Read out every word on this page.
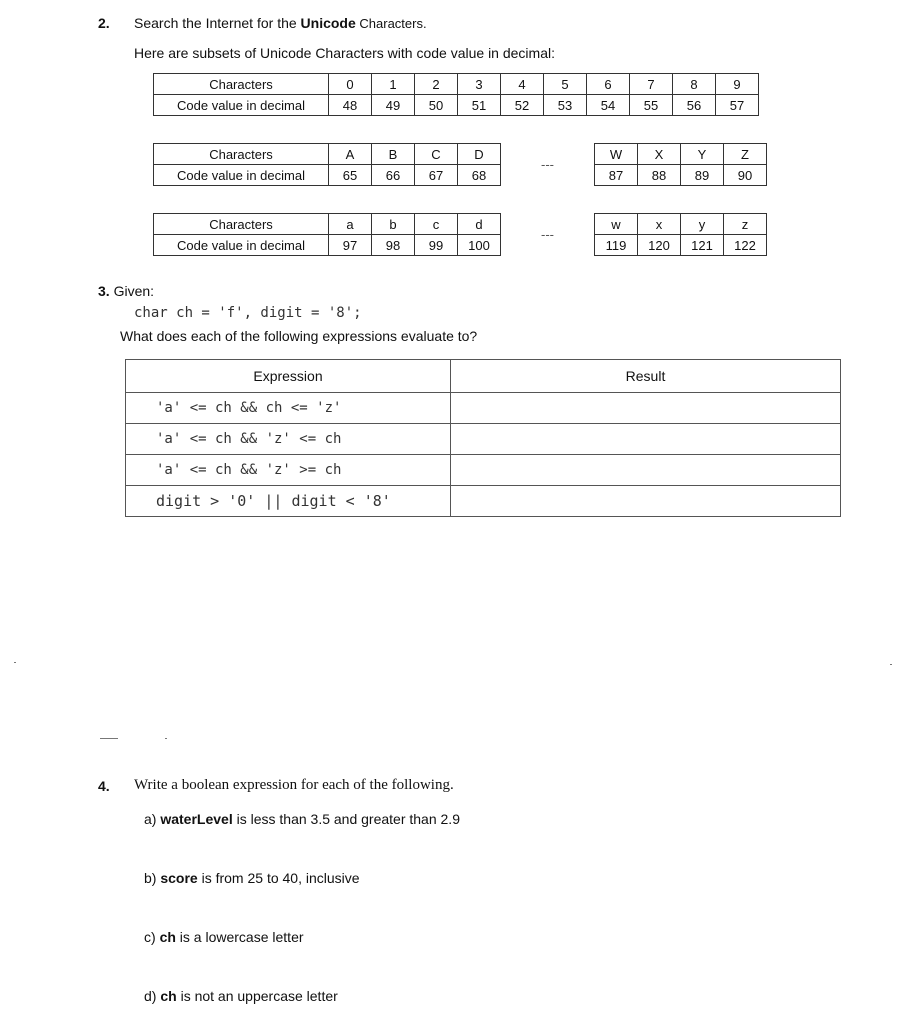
2. Search the Internet for the Unicode Characters.
Here are subsets of Unicode Characters with code value in decimal:
Characters	0	1	2	3	4	5	6	7	8	9
Code value in decimal	48	49	50	51	52	53	54	55	56	57
Characters	A	B	C	D	---	W	X	Y	Z
Code value in decimal	65	66	67	68		87	88	89	90
Characters	a	b	c	d	---	w	x	y	z
Code value in decimal	97	98	99	100		119	120	121	122
3. Given:
char ch = 'f', digit = '8';
What does each of the following expressions evaluate to?
Expression	Result
'a' <= ch && ch <= 'z'	
'a' <= ch && 'z' <= ch	
'a' <= ch && 'z' >= ch	
digit > '0' || digit < '8'	
4. Write a boolean expression for each of the following.
a) waterLevel is less than 3.5 and greater than 2.9
b) score is from 25 to 40, inclusive
c) ch is a lowercase letter
d) ch is not an uppercase letter
